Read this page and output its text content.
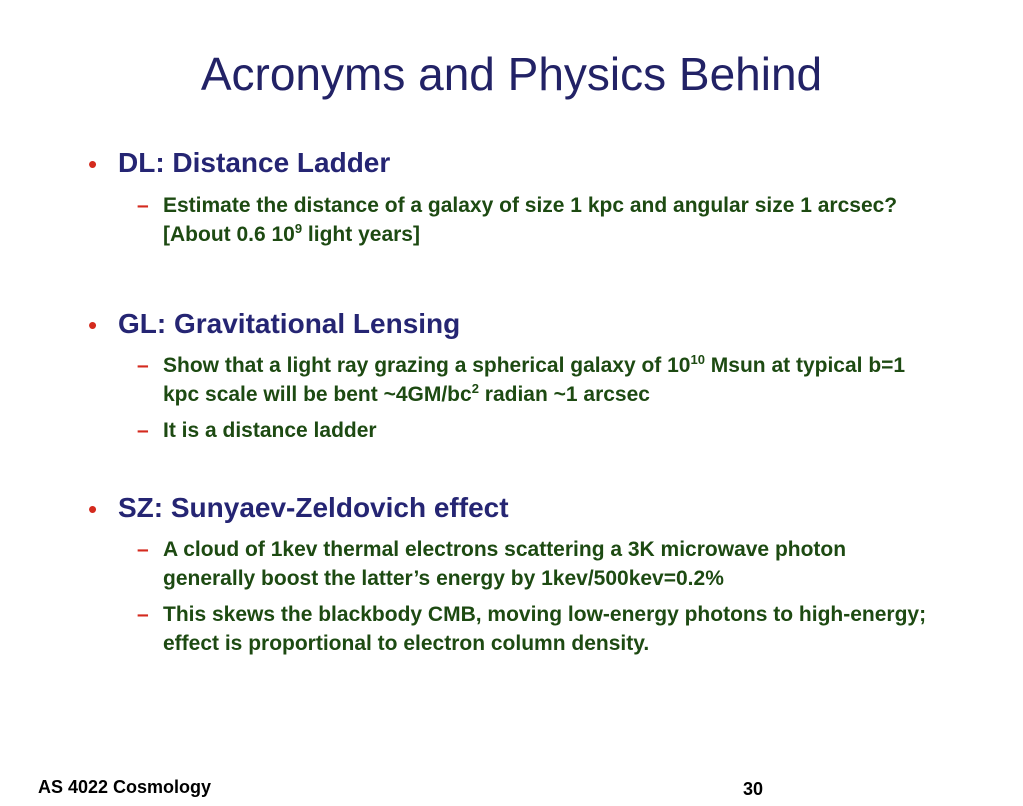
Acronyms and Physics Behind
• DL: Distance Ladder
– Estimate the distance of a galaxy of size 1 kpc and angular size 1 arcsec? [About 0.6 $10^9$ light years]
• GL: Gravitational Lensing
– Show that a light ray grazing a spherical galaxy of $10^{10}$ Msun at typical b=1 kpc scale will be bent $\sim 4GM/bc^2$ radian ~1 arcsec
– It is a distance ladder
• SZ: Sunyaev-Zeldovich effect
– A cloud of 1kev thermal electrons scattering a 3K microwave photon generally boost the latter’s energy by 1kev/500kev=0.2%
– This skews the blackbody CMB, moving low-energy photons to high-energy; effect is proportional to electron column density.
AS 4022 Cosmology	30
